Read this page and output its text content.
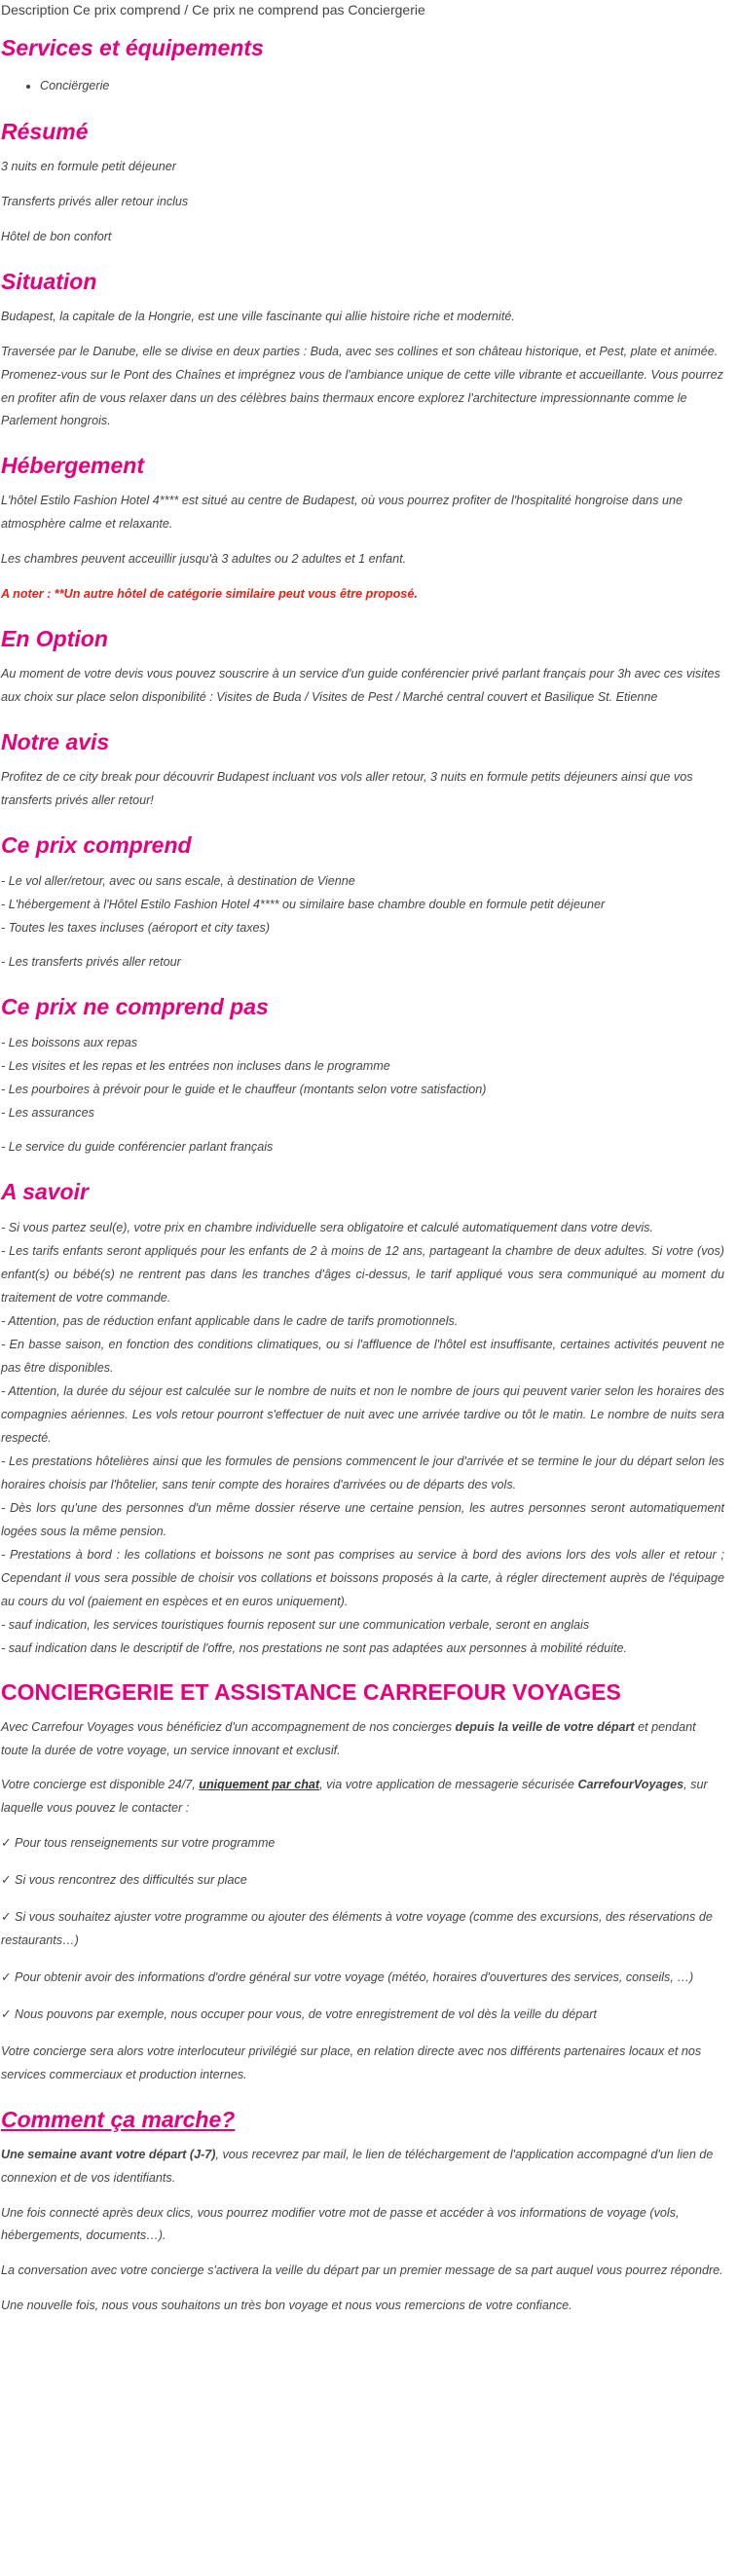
Description Ce prix comprend / Ce prix ne comprend pas Conciergerie
Services et équipements
• Conciërgerie
Résumé

3 nuits en formule petit déjeuner

Transferts privés aller retour inclus

Hôtel de bon confort

Situation

Budapest, la capitale de la Hongrie, est une ville fascinante qui allie histoire riche et modernité.

Traversée par le Danube, elle se divise en deux parties : Buda, avec ses collines et son château historique, et Pest, plate et animée. Promenez-vous sur le Pont des Chaînes et imprégnez vous de l'ambiance unique de cette ville vibrante et accueillante. Vous pourrez en profiter afin de vous relaxer dans un des célèbres bains thermaux encore explorez l'architecture impressionnante comme le Parlement hongrois.

Hébergement

L'hôtel Estilo Fashion Hotel 4**** est situé au centre de Budapest, où vous pourrez profiter de l'hospitalité hongroise dans une atmosphère calme et relaxante.

Les chambres peuvent acceuillir jusqu'à 3 adultes ou 2 adultes et 1 enfant.

A noter : **Un autre hôtel de catégorie similaire peut vous être proposé.

En Option

Au moment de votre devis vous pouvez souscrire à un service d'un guide conférencier privé parlant français pour 3h avec ces visites aux choix sur place selon disponibilité : Visites de Buda / Visites de Pest / Marché central couvert et Basilique St. Etienne

Notre avis

Profitez de ce city break pour découvrir Budapest incluant vos vols aller retour, 3 nuits en formule petits déjeuners ainsi que vos transferts privés aller retour!

Ce prix comprend
- Le vol aller/retour, avec ou sans escale, à destination de Vienne
- L'hébergement à l'Hôtel Estilo Fashion Hotel 4**** ou similaire base chambre double en formule petit déjeuner
- Toutes les taxes incluses (aéroport et city taxes)

- Les transferts privés aller retour

Ce prix ne comprend pas
- Les boissons aux repas
- Les visites et les repas et les entrées non incluses dans le programme
- Les pourboires à prévoir pour le guide et le chauffeur (montants selon votre satisfaction)
- Les assurances

- Le service du guide conférencier parlant français

A savoir
- Si vous partez seul(e), votre prix en chambre individuelle sera obligatoire et calculé automatiquement dans votre devis.
- Les tarifs enfants seront appliqués pour les enfants de 2 à moins de 12 ans, partageant la chambre de deux adultes. Si votre (vos) enfant(s) ou bébé(s) ne rentrent pas dans les tranches d'âges ci-dessus, le tarif appliqué vous sera communiqué au moment du traitement de votre commande.
- Attention, pas de réduction enfant applicable dans le cadre de tarifs promotionnels.
- En basse saison, en fonction des conditions climatiques, ou si l'affluence de l'hôtel est insuffisante, certaines activités peuvent ne pas être disponibles.
- Attention, la durée du séjour est calculée sur le nombre de nuits et non le nombre de jours qui peuvent varier selon les horaires des compagnies aériennes. Les vols retour pourront s'effectuer de nuit avec une arrivée tardive ou tôt le matin. Le nombre de nuits sera respecté.
- Les prestations hôtelières ainsi que les formules de pensions commencent le jour d'arrivée et se termine le jour du départ selon les horaires choisis par l'hôtelier, sans tenir compte des horaires d'arrivées ou de départs des vols.
- Dès lors qu'une des personnes d'un même dossier réserve une certaine pension, les autres personnes seront automatiquement logées sous la même pension.
- Prestations à bord : les collations et boissons ne sont pas comprises au service à bord des avions lors des vols aller et retour ; Cependant il vous sera possible de choisir vos collations et boissons proposés à la carte, à régler directement auprès de l'équipage au cours du vol (paiement en espèces et en euros uniquement).
- sauf indication, les services touristiques fournis reposent sur une communication verbale, seront en anglais
- sauf indication dans le descriptif de l'offre, nos prestations ne sont pas adaptées aux personnes à mobilité réduite.
CONCIERGERIE ET ASSISTANCE CARREFOUR VOYAGES

Avec Carrefour Voyages vous bénéficiez d'un accompagnement de nos concierges depuis la veille de votre départ et pendant toute la durée de votre voyage, un service innovant et exclusif.

Votre concierge est disponible 24/7, uniquement par chat, via votre application de messagerie sécurisée CarrefourVoyages, sur laquelle vous pouvez le contacter :

✓ Pour tous renseignements sur votre programme

✓ Si vous rencontrez des difficultés sur place

✓ Si vous souhaitez ajuster votre programme ou ajouter des éléments à votre voyage (comme des excursions, des réservations de restaurants…)

✓ Pour obtenir avoir des informations d'ordre général sur votre voyage (météo, horaires d'ouvertures des services, conseils, …)

✓ Nous pouvons par exemple, nous occuper pour vous, de votre enregistrement de vol dès la veille du départ

Votre concierge sera alors votre interlocuteur privilégié sur place, en relation directe avec nos différents partenaires locaux et nos services commerciaux et production internes.

Comment ça marche?

Une semaine avant votre départ (J-7), vous recevrez par mail, le lien de téléchargement de l'application accompagné d'un lien de connexion et de vos identifiants.

Une fois connecté après deux clics, vous pourrez modifier votre mot de passe et accéder à vos informations de voyage (vols, hébergements, documents…).

La conversation avec votre concierge s'activera la veille du départ par un premier message de sa part auquel vous pourrez répondre.

Une nouvelle fois, nous vous souhaitons un très bon voyage et nous vous remercions de votre confiance.
